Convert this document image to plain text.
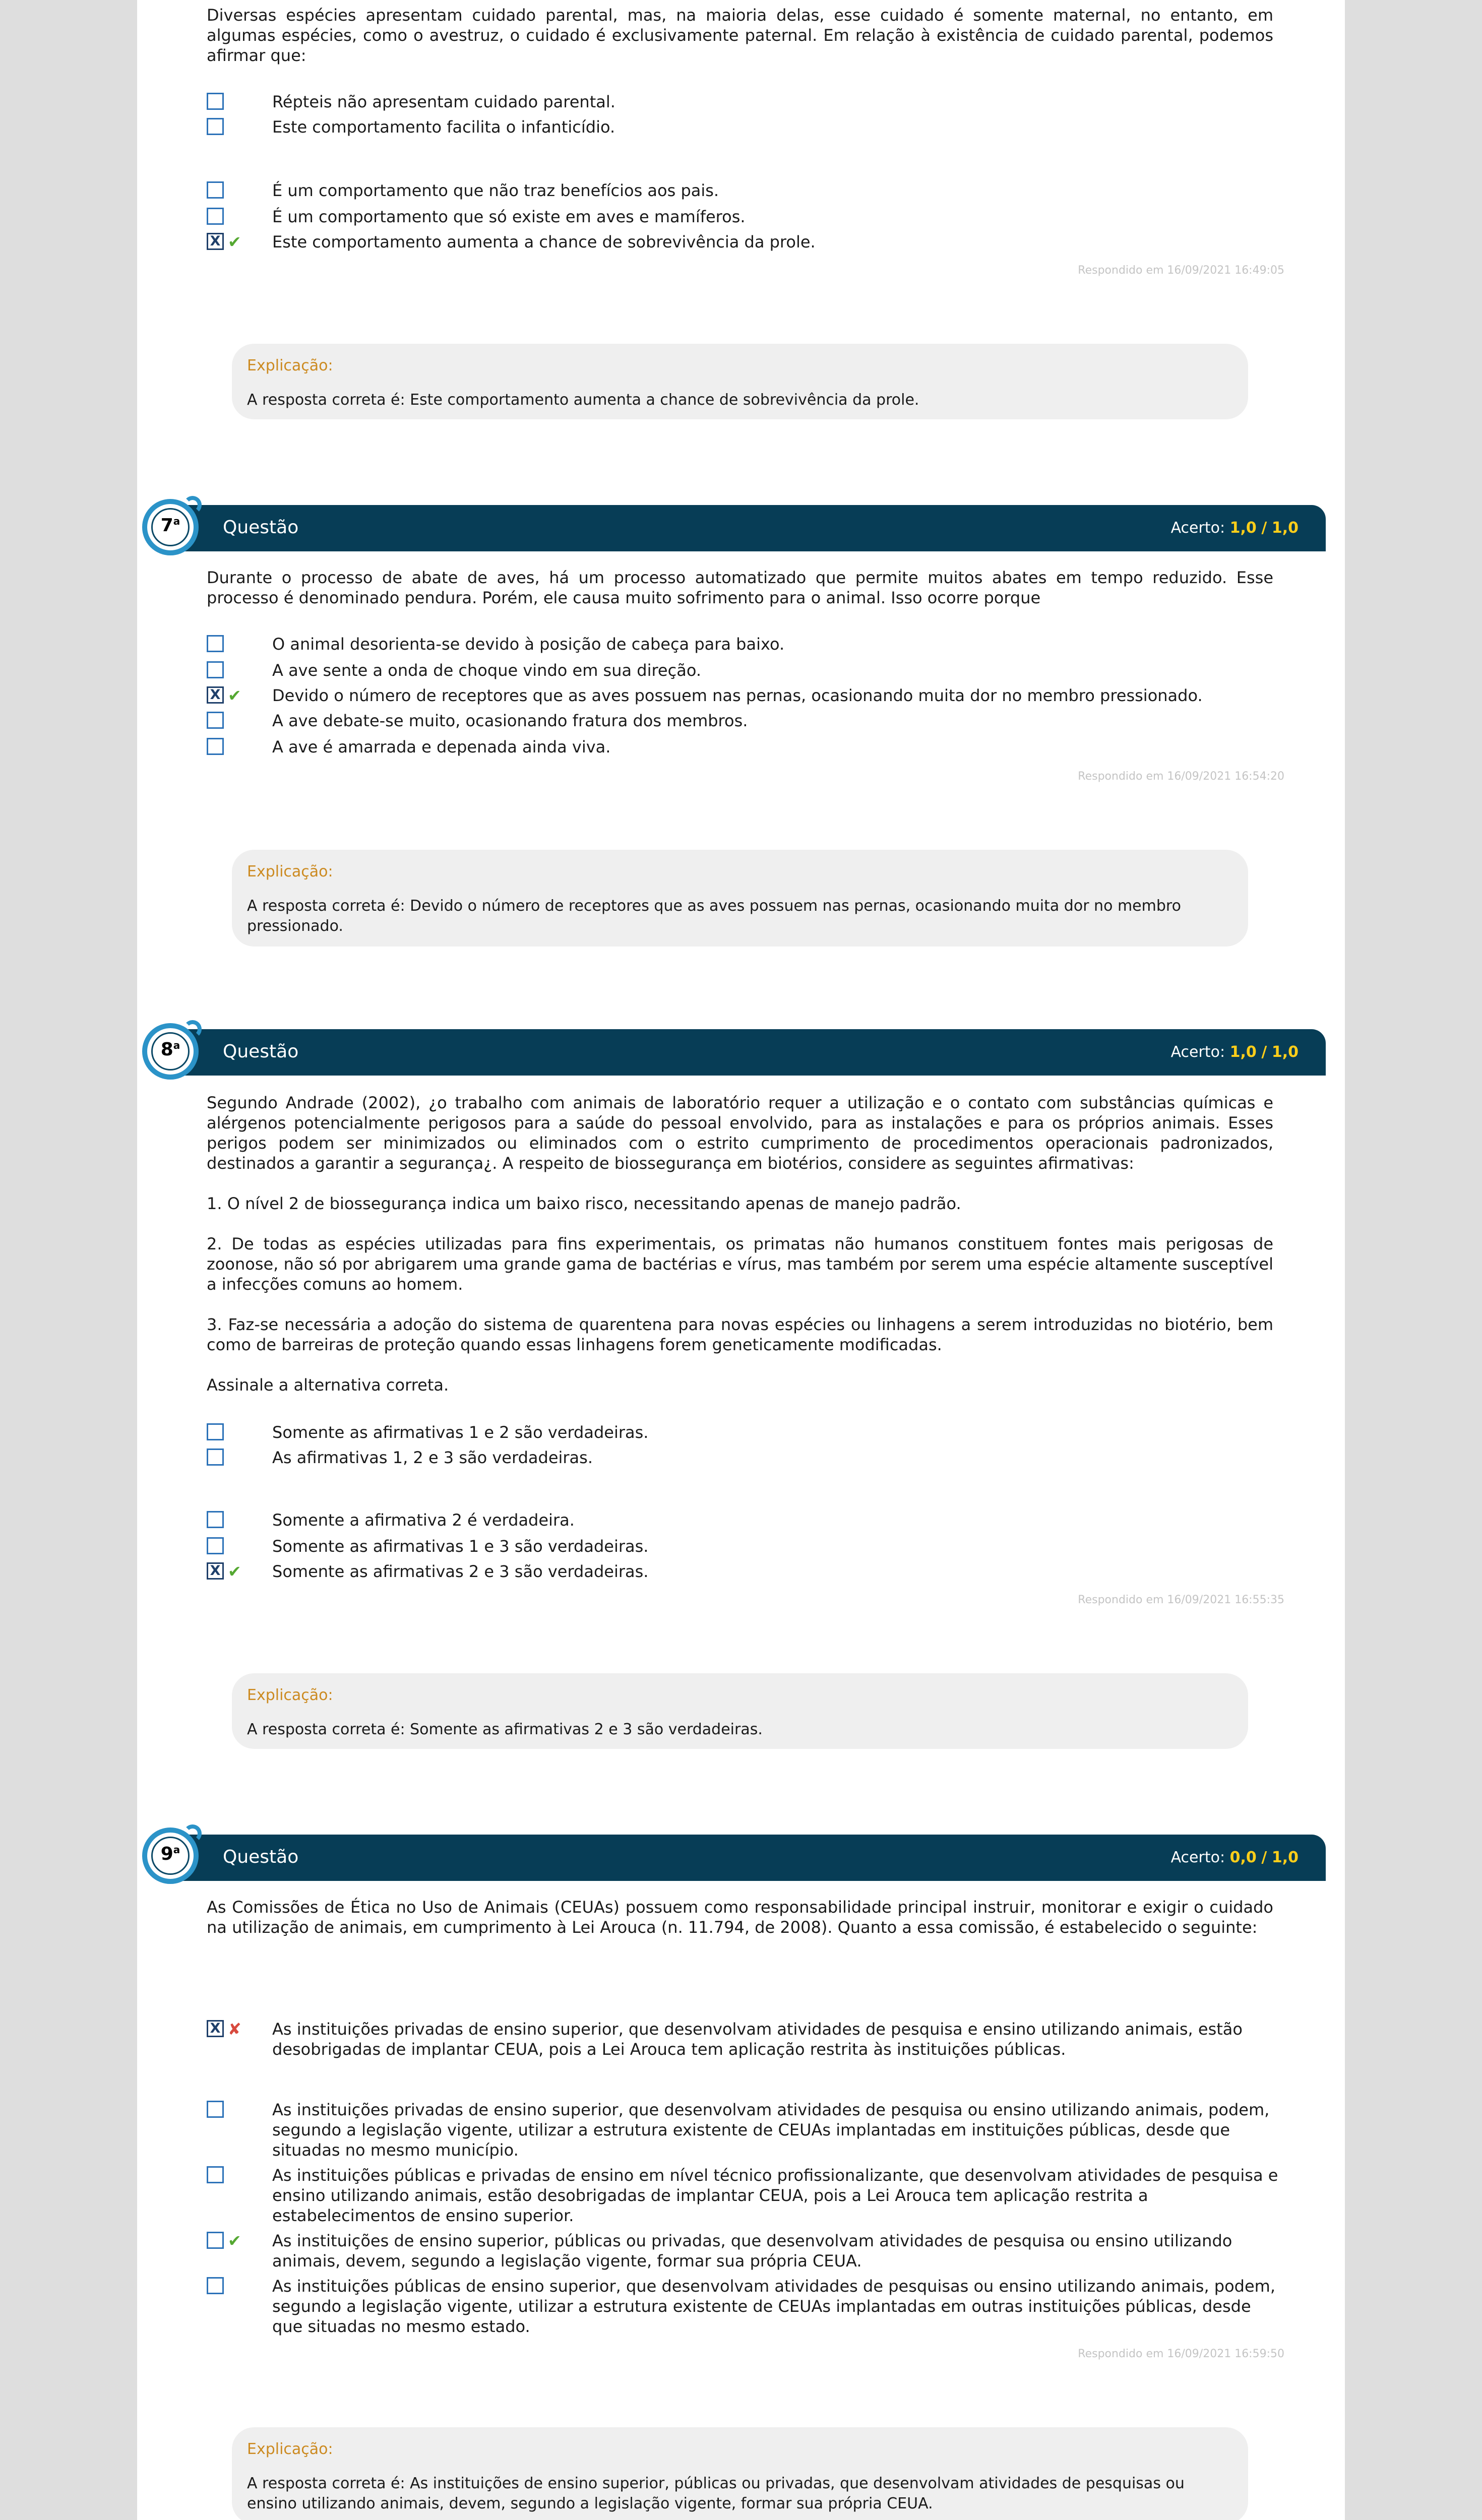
Diversas espécies apresentam cuidado parental, mas, na maioria delas, esse cuidado é somente maternal, no entanto, em algumas espécies, como o avestruz, o cuidado é exclusivamente paternal. Em relação à existência de cuidado parental, podemos afirmar que:
Répteis não apresentam cuidado parental.
Este comportamento facilita o infanticídio.
É um comportamento que não traz benefícios aos pais.
É um comportamento que só existe em aves e mamíferos.
X ✔ Este comportamento aumenta a chance de sobrevivência da prole.
Respondido em 16/09/2021 16:49:05
Explicação:
A resposta correta é: Este comportamento aumenta a chance de sobrevivência da prole.
Questão	Acerto: 1,0 / 1,0
7$^a$
Durante o processo de abate de aves, há um processo automatizado que permite muitos abates em tempo reduzido. Esse processo é denominado pendura. Porém, ele causa muito sofrimento para o animal. Isso ocorre porque
O animal desorienta-se devido à posição de cabeça para baixo.
A ave sente a onda de choque vindo em sua direção.
X ✔ Devido o número de receptores que as aves possuem nas pernas, ocasionando muita dor no membro pressionado.
A ave debate-se muito, ocasionando fratura dos membros.
A ave é amarrada e depenada ainda viva.
Respondido em 16/09/2021 16:54:20
Explicação:
A resposta correta é: Devido o número de receptores que as aves possuem nas pernas, ocasionando muita dor no membro pressionado.
Questão	Acerto: 1,0 / 1,0
8$^a$

Segundo Andrade (2002), ¿o trabalho com animais de laboratório requer a utilização e o contato com substâncias químicas e alérgenos potencialmente perigosos para a saúde do pessoal envolvido, para as instalações e para os próprios animais. Esses perigos podem ser minimizados ou eliminados com o estrito cumprimento de procedimentos operacionais padronizados, destinados a garantir a segurança¿. A respeito de biossegurança em biotérios, considere as seguintes afirmativas:

1. O nível 2 de biossegurança indica um baixo risco, necessitando apenas de manejo padrão.

2. De todas as espécies utilizadas para fins experimentais, os primatas não humanos constituem fontes mais perigosas de zoonose, não só por abrigarem uma grande gama de bactérias e vírus, mas também por serem uma espécie altamente susceptível a infecções comuns ao homem.

3. Faz-se necessária a adoção do sistema de quarentena para novas espécies ou linhagens a serem introduzidas no biotério, bem como de barreiras de proteção quando essas linhagens forem geneticamente modificadas.

Assinale a alternativa correta.

Somente as afirmativas 1 e 2 são verdadeiras.
As afirmativas 1, 2 e 3 são verdadeiras.
Somente a afirmativa 2 é verdadeira.
Somente as afirmativas 1 e 3 são verdadeiras.
X ✔ Somente as afirmativas 2 e 3 são verdadeiras.
Respondido em 16/09/2021 16:55:35
Explicação:
A resposta correta é: Somente as afirmativas 2 e 3 são verdadeiras.
Questão	Acerto: 0,0 / 1,0
9$^a$
As Comissões de Ética no Uso de Animais (CEUAs) possuem como responsabilidade principal instruir, monitorar e exigir o cuidado na utilização de animais, em cumprimento à Lei Arouca (n. 11.794, de 2008). Quanto a essa comissão, é estabelecido o seguinte:
X ✘ As instituições privadas de ensino superior, que desenvolvam atividades de pesquisa e ensino utilizando animais, estão desobrigadas de implantar CEUA, pois a Lei Arouca tem aplicação restrita às instituições públicas.
As instituições privadas de ensino superior, que desenvolvam atividades de pesquisa ou ensino utilizando animais, podem, segundo a legislação vigente, utilizar a estrutura existente de CEUAs implantadas em instituições públicas, desde que situadas no mesmo município.
As instituições públicas e privadas de ensino em nível técnico profissionalizante, que desenvolvam atividades de pesquisa e ensino utilizando animais, estão desobrigadas de implantar CEUA, pois a Lei Arouca tem aplicação restrita a estabelecimentos de ensino superior.
✔ As instituições de ensino superior, públicas ou privadas, que desenvolvam atividades de pesquisa ou ensino utilizando animais, devem, segundo a legislação vigente, formar sua própria CEUA.
As instituições públicas de ensino superior, que desenvolvam atividades de pesquisas ou ensino utilizando animais, podem, segundo a legislação vigente, utilizar a estrutura existente de CEUAs implantadas em outras instituições públicas, desde que situadas no mesmo estado.
Respondido em 16/09/2021 16:59:50
Explicação:
A resposta correta é: As instituições de ensino superior, públicas ou privadas, que desenvolvam atividades de pesquisas ou ensino utilizando animais, devem, segundo a legislação vigente, formar sua própria CEUA.
